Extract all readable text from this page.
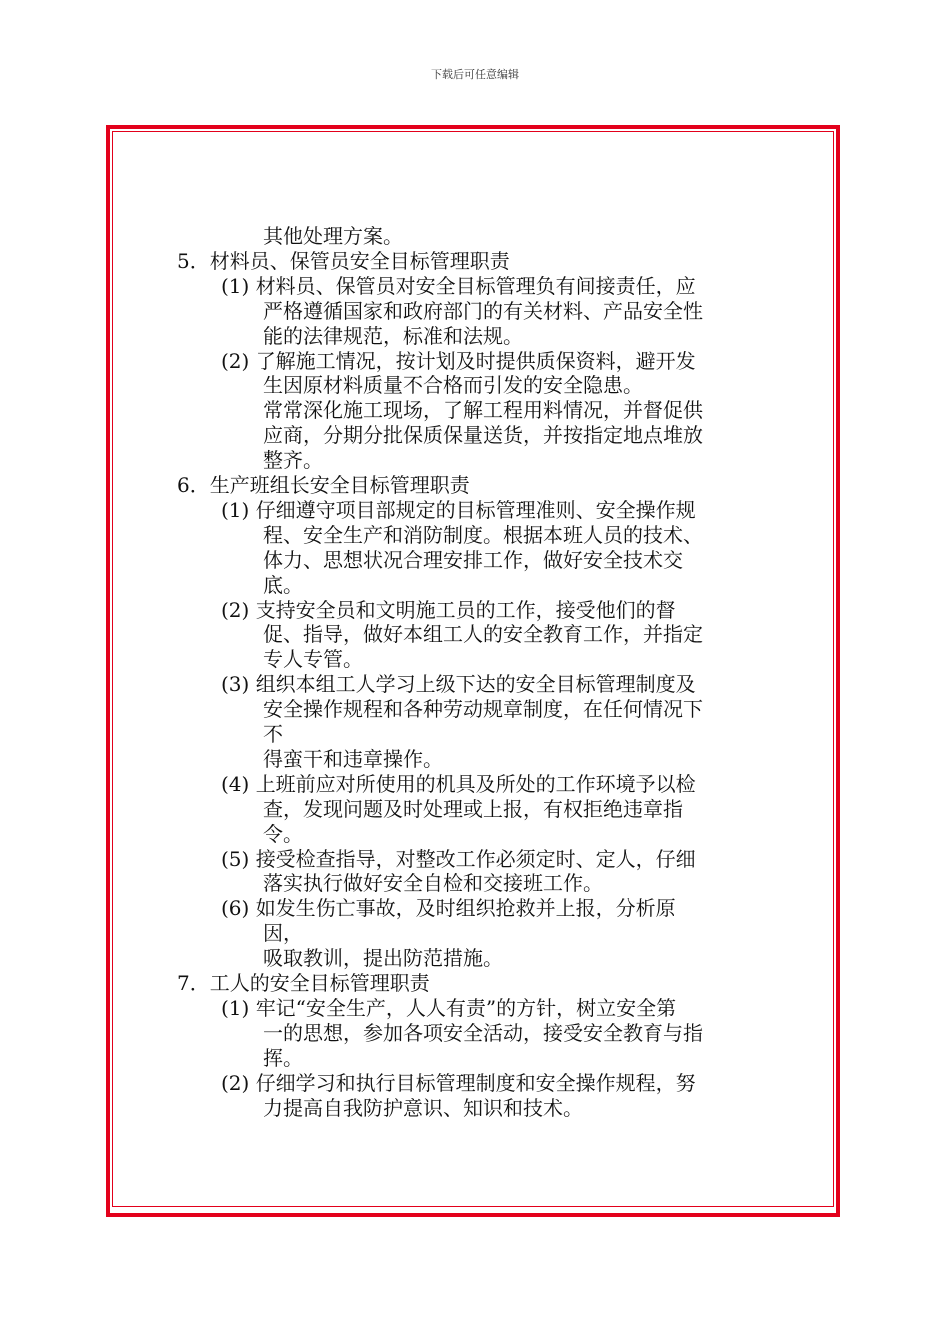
下载后可任意编辑
其他处理方案。
5．材料员、保管员安全目标管理职责
(1) 材料员、保管员对安全目标管理负有间接责任，应
严格遵循国家和政府部门的有关材料、产品安全性
能的法律规范，标准和法规。
(2) 了解施工情况，按计划及时提供质保资料，避开发
生因原材料质量不合格而引发的安全隐患。
常常深化施工现场，了解工程用料情况，并督促供
应商，分期分批保质保量送货，并按指定地点堆放
整齐。
6．生产班组长安全目标管理职责
(1) 仔细遵守项目部规定的目标管理准则、安全操作规
程、安全生产和消防制度。根据本班人员的技术、
体力、思想状况合理安排工作，做好安全技术交
底。
(2) 支持安全员和文明施工员的工作，接受他们的督
促、指导，做好本组工人的安全教育工作，并指定
专人专管。
(3) 组织本组工人学习上级下达的安全目标管理制度及
安全操作规程和各种劳动规章制度，在任何情况下
不
得蛮干和违章操作。
(4) 上班前应对所使用的机具及所处的工作环境予以检
查，发现问题及时处理或上报，有权拒绝违章指
令。
(5) 接受检查指导，对整改工作必须定时、定人，仔细
落实执行做好安全自检和交接班工作。
(6) 如发生伤亡事故，及时组织抢救并上报，分析原
因，
吸取教训，提出防范措施。
7．工人的安全目标管理职责
(1) 牢记“安全生产，人人有责”的方针，树立安全第
一的思想，参加各项安全活动，接受安全教育与指
挥。
(2) 仔细学习和执行目标管理制度和安全操作规程，努
力提高自我防护意识、知识和技术。
